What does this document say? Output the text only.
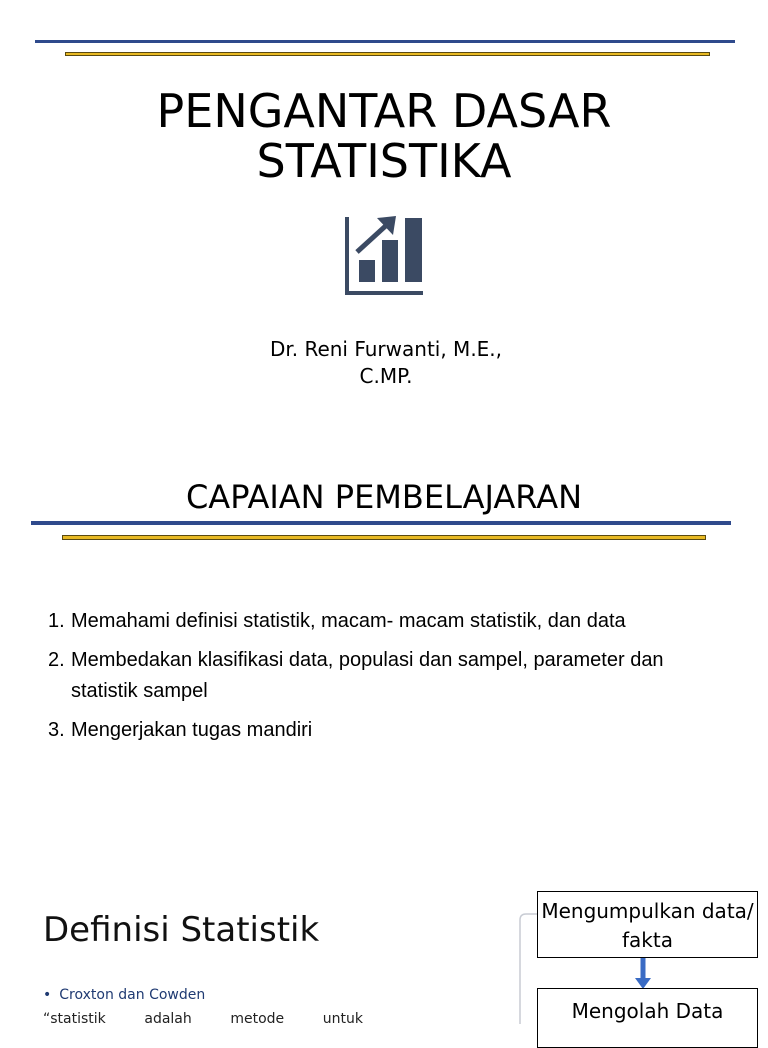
PENGANTAR DASAR
STATISTIKA
Dr. Reni Furwanti, M.E.,
C.MP.
CAPAIAN PEMBELAJARAN
1. Memahami definisi statistik, macam- macam statistik, dan data
2. Membedakan klasifikasi data, populasi dan sampel, parameter dan statistik sampel
3. Mengerjakan tugas mandiri
Definisi Statistik
• Croxton dan Cowden
“statistik	adalah	metode	untuk
Mengumpulkan data/ fakta
Mengolah Data
